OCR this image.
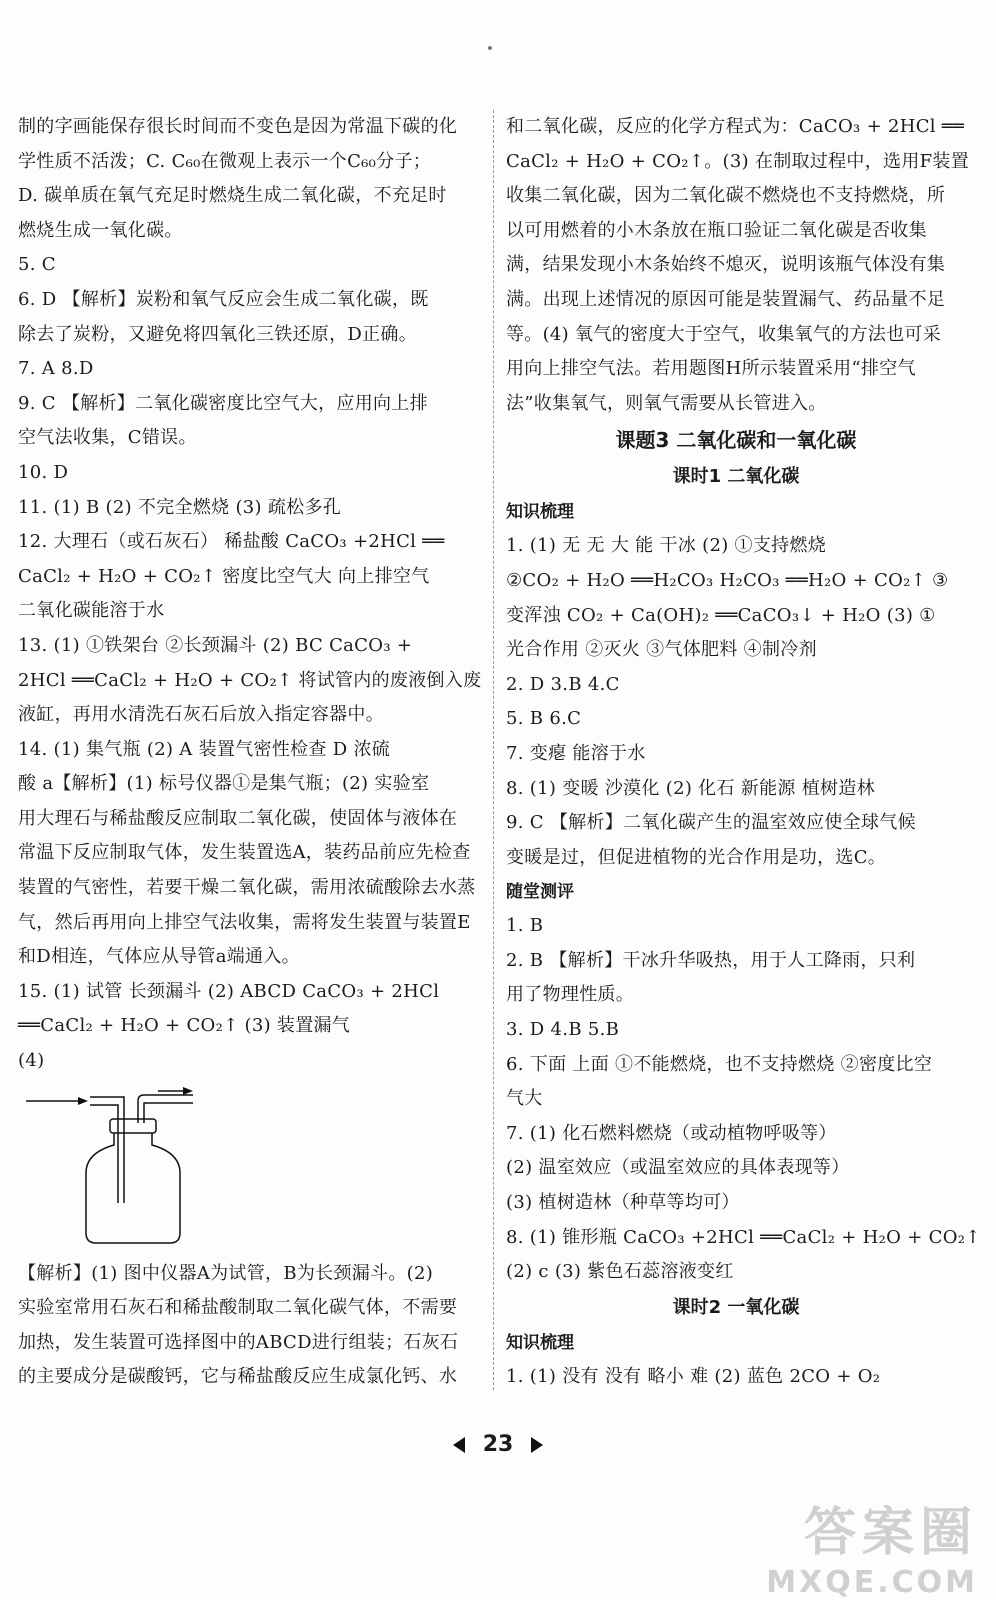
制的字画能保存很长时间而不变色是因为常温下碳的化
学性质不活泼；C. C₆₀在微观上表示一个C₆₀分子；
D. 碳单质在氧气充足时燃烧生成二氧化碳，不充足时
燃烧生成一氧化碳。
5. C
6. D 【解析】炭粉和氧气反应会生成二氧化碳，既
除去了炭粉，又避免将四氧化三铁还原，D正确。
7. A 8.D
9. C 【解析】二氧化碳密度比空气大，应用向上排
空气法收集，C错误。
10. D
11. (1) B (2) 不完全燃烧 (3) 疏松多孔
12. 大理石（或石灰石） 稀盐酸 CaCO₃ +2HCl ══
CaCl₂ + H₂O + CO₂↑ 密度比空气大 向上排空气
二氧化碳能溶于水
13. (1) ①铁架台 ②长颈漏斗 (2) BC CaCO₃ +
2HCl ══CaCl₂ + H₂O + CO₂↑ 将试管内的废液倒入废
液缸，再用水清洗石灰石后放入指定容器中。
14. (1) 集气瓶 (2) A 装置气密性检查 D 浓硫
酸 a【解析】(1) 标号仪器①是集气瓶；(2) 实验室
用大理石与稀盐酸反应制取二氧化碳，使固体与液体在
常温下反应制取气体，发生装置选A，装药品前应先检查
装置的气密性，若要干燥二氧化碳，需用浓硫酸除去水蒸
气，然后再用向上排空气法收集，需将发生装置与装置E
和D相连，气体应从导管a端通入。
15. (1) 试管 长颈漏斗 (2) ABCD CaCO₃ + 2HCl
══CaCl₂ + H₂O + CO₂↑ (3) 装置漏气
(4)
【解析】(1) 图中仪器A为试管，B为长颈漏斗。(2)
实验室常用石灰石和稀盐酸制取二氧化碳气体，不需要
加热，发生装置可选择图中的ABCD进行组装；石灰石
的主要成分是碳酸钙，它与稀盐酸反应生成氯化钙、水
和二氧化碳，反应的化学方程式为：CaCO₃ + 2HCl ══
CaCl₂ + H₂O + CO₂↑。(3) 在制取过程中，选用F装置
收集二氧化碳，因为二氧化碳不燃烧也不支持燃烧，所
以可用燃着的小木条放在瓶口验证二氧化碳是否收集
满，结果发现小木条始终不熄灭，说明该瓶气体没有集
满。出现上述情况的原因可能是装置漏气、药品量不足
等。(4) 氧气的密度大于空气，收集氧气的方法也可采
用向上排空气法。若用题图H所示装置采用“排空气
法”收集氧气，则氧气需要从长管进入。
课题3 二氧化碳和一氧化碳
课时1 二氧化碳
知识梳理
1. (1) 无 无 大 能 干冰 (2) ①支持燃烧
②CO₂ + H₂O ══H₂CO₃ H₂CO₃ ══H₂O + CO₂↑ ③
变浑浊 CO₂ + Ca(OH)₂ ══CaCO₃↓ + H₂O (3) ①
光合作用 ②灭火 ③气体肥料 ④制冷剂
2. D 3.B 4.C
5. B 6.C
7. 变瘪 能溶于水
8. (1) 变暖 沙漠化 (2) 化石 新能源 植树造林
9. C 【解析】二氧化碳产生的温室效应使全球气候
变暖是过，但促进植物的光合作用是功，选C。
随堂测评
1. B
2. B 【解析】干冰升华吸热，用于人工降雨，只利
用了物理性质。
3. D 4.B 5.B
6. 下面 上面 ①不能燃烧，也不支持燃烧 ②密度比空
气大
7. (1) 化石燃料燃烧（或动植物呼吸等）
(2) 温室效应（或温室效应的具体表现等）
(3) 植树造林（种草等均可）
8. (1) 锥形瓶 CaCO₃ +2HCl ══CaCl₂ + H₂O + CO₂↑
(2) c (3) 紫色石蕊溶液变红
课时2 一氧化碳
知识梳理
1. (1) 没有 没有 略小 难 (2) 蓝色 2CO + O₂
23
答案圈
MXQE.COM
